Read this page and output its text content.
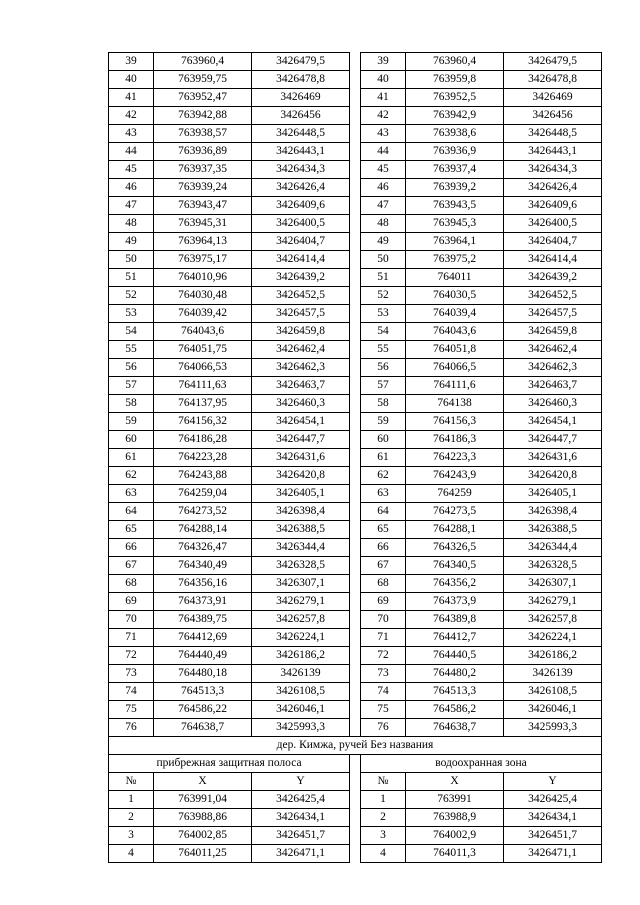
39	763960,4	3426479,5		39	763960,4	3426479,5
40	763959,75	3426478,8		40	763959,8	3426478,8
41	763952,47	3426469		41	763952,5	3426469
42	763942,88	3426456		42	763942,9	3426456
43	763938,57	3426448,5		43	763938,6	3426448,5
44	763936,89	3426443,1		44	763936,9	3426443,1
45	763937,35	3426434,3		45	763937,4	3426434,3
46	763939,24	3426426,4		46	763939,2	3426426,4
47	763943,47	3426409,6		47	763943,5	3426409,6
48	763945,31	3426400,5		48	763945,3	3426400,5
49	763964,13	3426404,7		49	763964,1	3426404,7
50	763975,17	3426414,4		50	763975,2	3426414,4
51	764010,96	3426439,2		51	764011	3426439,2
52	764030,48	3426452,5		52	764030,5	3426452,5
53	764039,42	3426457,5		53	764039,4	3426457,5
54	764043,6	3426459,8		54	764043,6	3426459,8
55	764051,75	3426462,4		55	764051,8	3426462,4
56	764066,53	3426462,3		56	764066,5	3426462,3
57	764111,63	3426463,7		57	764111,6	3426463,7
58	764137,95	3426460,3		58	764138	3426460,3
59	764156,32	3426454,1		59	764156,3	3426454,1
60	764186,28	3426447,7		60	764186,3	3426447,7
61	764223,28	3426431,6		61	764223,3	3426431,6
62	764243,88	3426420,8		62	764243,9	3426420,8
63	764259,04	3426405,1		63	764259	3426405,1
64	764273,52	3426398,4		64	764273,5	3426398,4
65	764288,14	3426388,5		65	764288,1	3426388,5
66	764326,47	3426344,4		66	764326,5	3426344,4
67	764340,49	3426328,5		67	764340,5	3426328,5
68	764356,16	3426307,1		68	764356,2	3426307,1
69	764373,91	3426279,1		69	764373,9	3426279,1
70	764389,75	3426257,8		70	764389,8	3426257,8
71	764412,69	3426224,1		71	764412,7	3426224,1
72	764440,49	3426186,2		72	764440,5	3426186,2
73	764480,18	3426139		73	764480,2	3426139
74	764513,3	3426108,5		74	764513,3	3426108,5
75	764586,22	3426046,1		75	764586,2	3426046,1
76	764638,7	3425993,3		76	764638,7	3425993,3
дер. Кимжа, ручей Без названия						
прибрежная защитная полоса				водоохранная зона		
№	X	Y		№	X	Y
1	763991,04	3426425,4		1	763991	3426425,4
2	763988,86	3426434,1		2	763988,9	3426434,1
3	764002,85	3426451,7		3	764002,9	3426451,7
4	764011,25	3426471,1		4	764011,3	3426471,1
